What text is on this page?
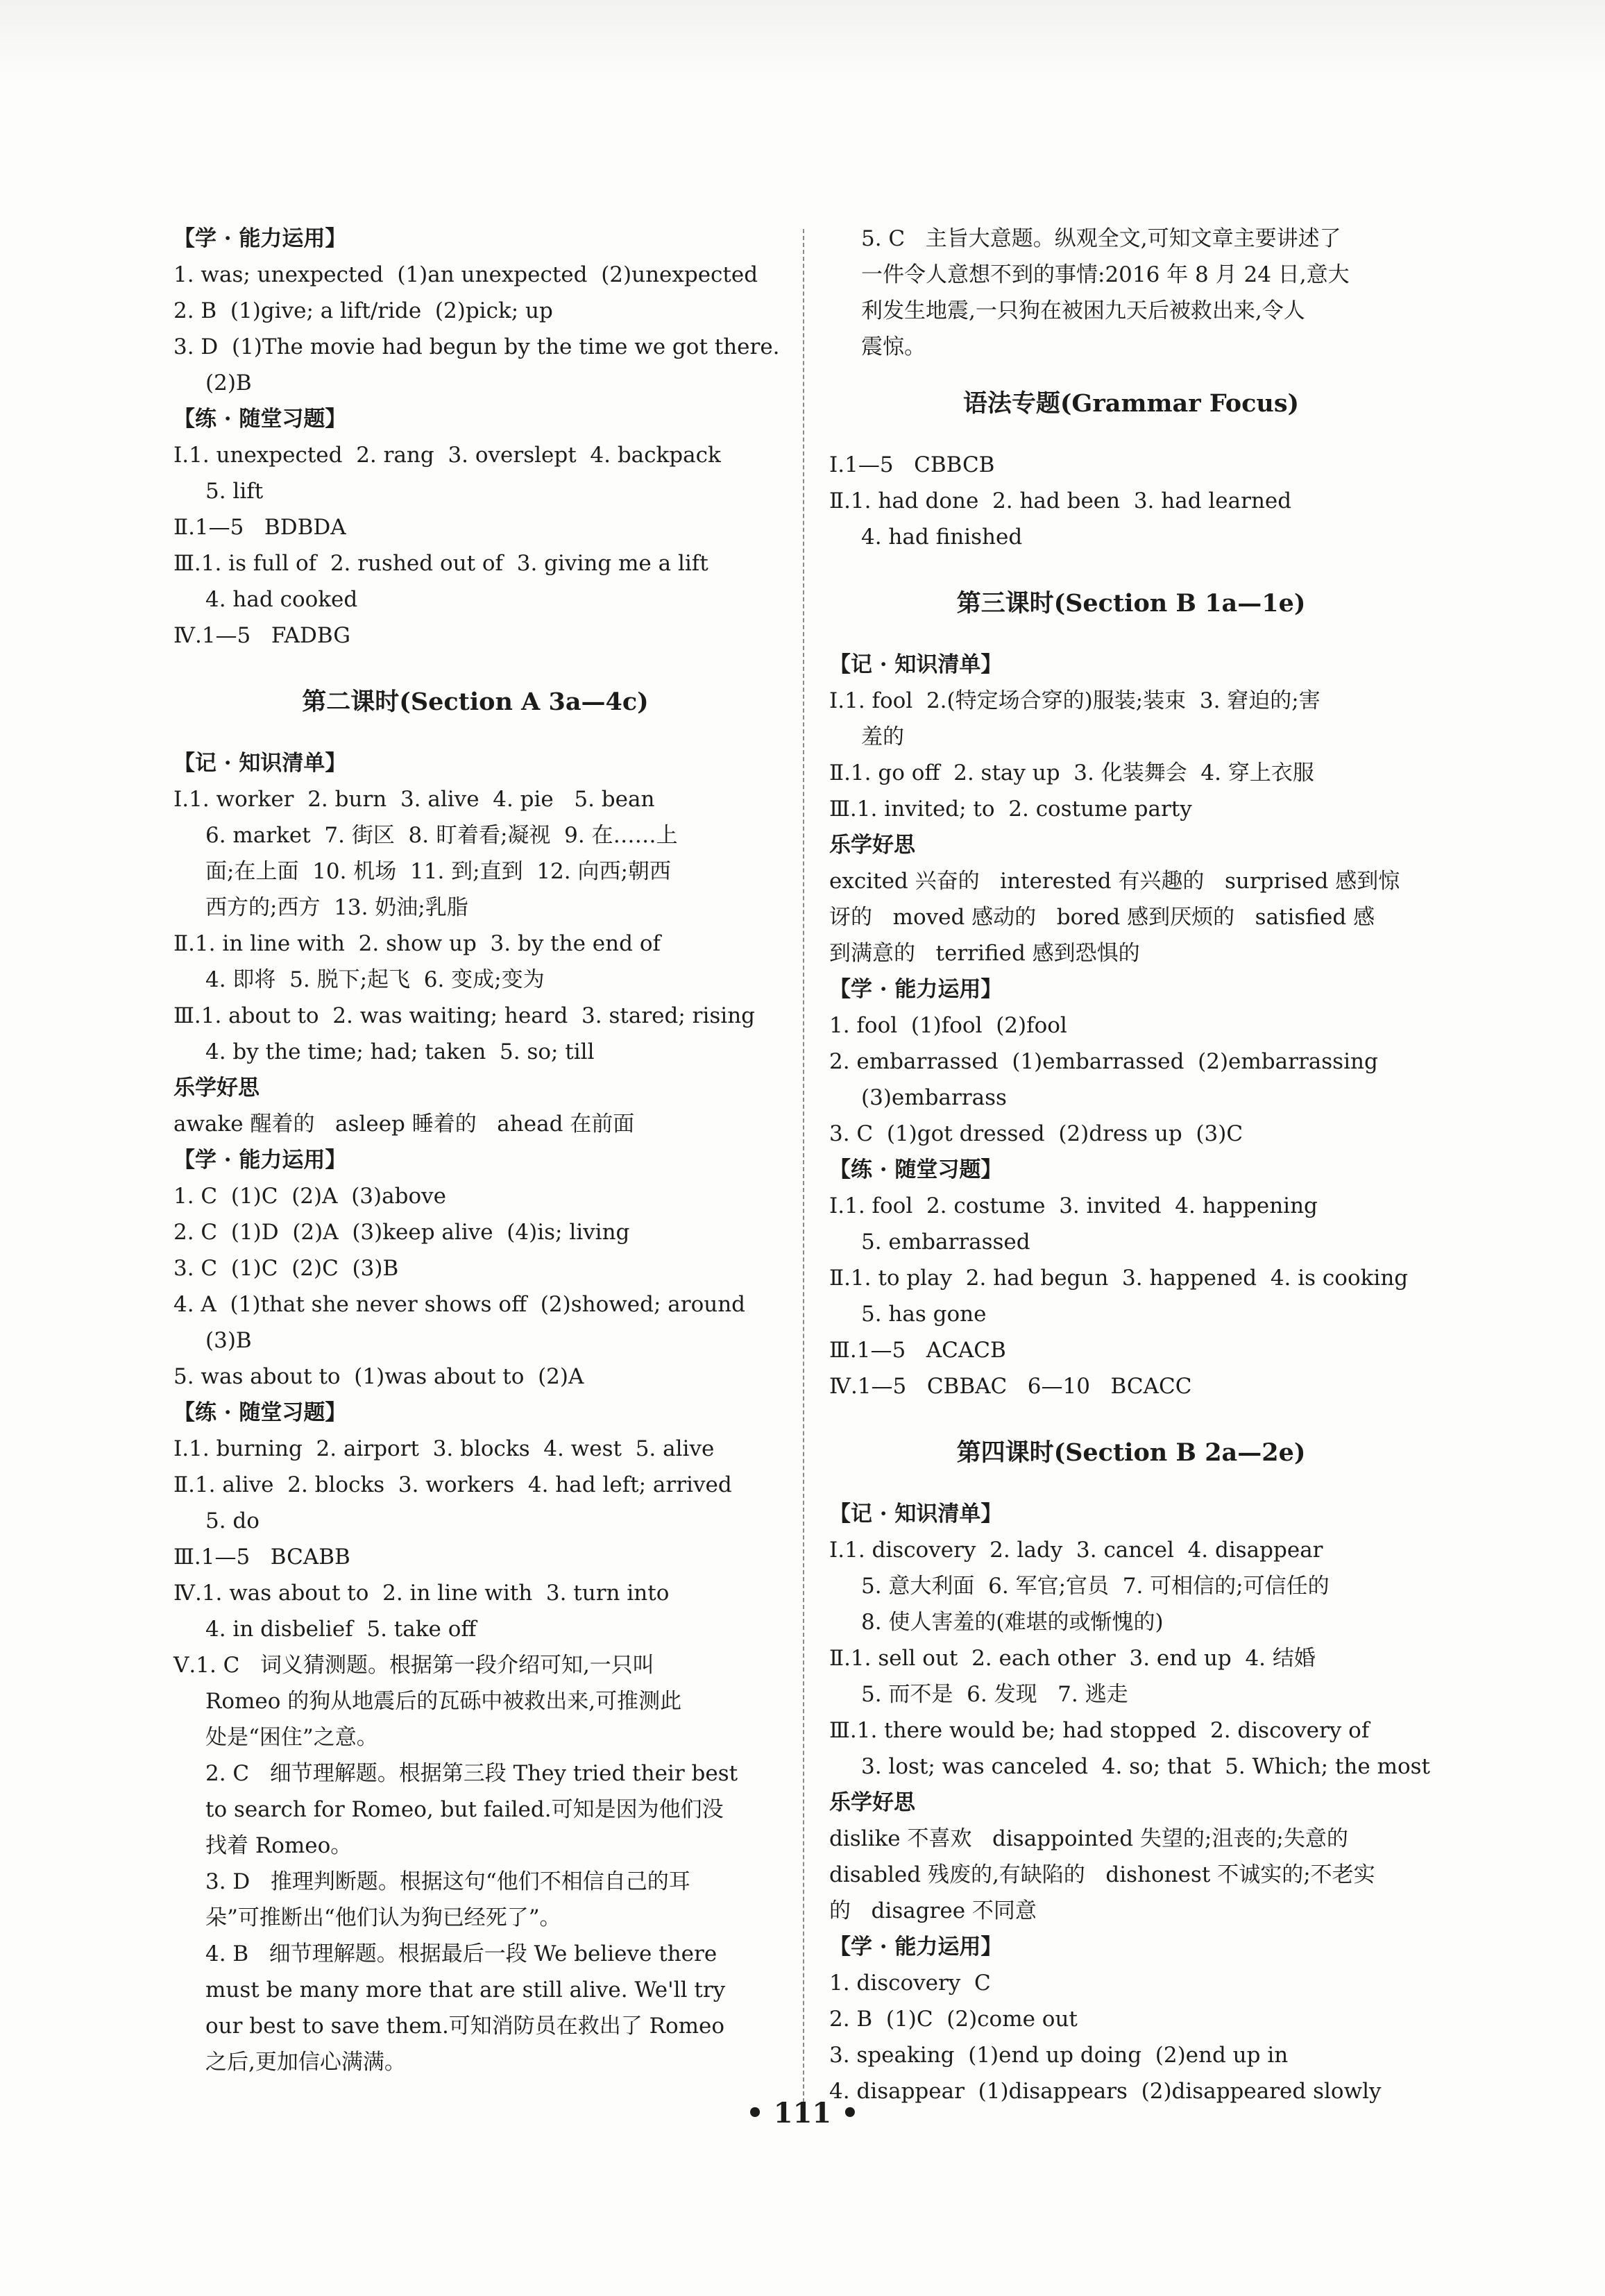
【学 · 能力运用】
1. was; unexpected  (1)an unexpected  (2)unexpected
2. B  (1)give; a lift/ride  (2)pick; up
3. D  (1)The movie had begun by the time we got there.
(2)B
【练 · 随堂习题】
Ⅰ.1. unexpected  2. rang  3. overslept  4. backpack
5. lift
Ⅱ.1—5   BDBDA
Ⅲ.1. is full of  2. rushed out of  3. giving me a lift
4. had cooked
Ⅳ.1—5   FADBG
第二课时(Section A 3a—4c)
【记 · 知识清单】
Ⅰ.1. worker  2. burn  3. alive  4. pie   5. bean
6. market  7. 街区  8. 盯着看;凝视  9. 在……上
面;在上面  10. 机场  11. 到;直到  12. 向西;朝西
西方的;西方  13. 奶油;乳脂
Ⅱ.1. in line with  2. show up  3. by the end of
4. 即将  5. 脱下;起飞  6. 变成;变为
Ⅲ.1. about to  2. was waiting; heard  3. stared; rising
4. by the time; had; taken  5. so; till
乐学好思
awake 醒着的   asleep 睡着的   ahead 在前面
【学 · 能力运用】
1. C  (1)C  (2)A  (3)above
2. C  (1)D  (2)A  (3)keep alive  (4)is; living
3. C  (1)C  (2)C  (3)B
4. A  (1)that she never shows off  (2)showed; around
(3)B
5. was about to  (1)was about to  (2)A
【练 · 随堂习题】
Ⅰ.1. burning  2. airport  3. blocks  4. west  5. alive
Ⅱ.1. alive  2. blocks  3. workers  4. had left; arrived
5. do
Ⅲ.1—5   BCABB
Ⅳ.1. was about to  2. in line with  3. turn into
4. in disbelief  5. take off
Ⅴ.1. C   词义猜测题。根据第一段介绍可知,一只叫
Romeo 的狗从地震后的瓦砾中被救出来,可推测此
处是“困住”之意。
2. C   细节理解题。根据第三段 They tried their best
to search for Romeo, but failed.可知是因为他们没
找着 Romeo。
3. D   推理判断题。根据这句“他们不相信自己的耳
朵”可推断出“他们认为狗已经死了”。
4. B   细节理解题。根据最后一段 We believe there
must be many more that are still alive. We'll try
our best to save them.可知消防员在救出了 Romeo
之后,更加信心满满。
5. C   主旨大意题。纵观全文,可知文章主要讲述了
一件令人意想不到的事情:2016 年 8 月 24 日,意大
利发生地震,一只狗在被困九天后被救出来,令人
震惊。
语法专题(Grammar Focus)
Ⅰ.1—5   CBBCB
Ⅱ.1. had done  2. had been  3. had learned
4. had finished
第三课时(Section B 1a—1e)
【记 · 知识清单】
Ⅰ.1. fool  2.(特定场合穿的)服装;装束  3. 窘迫的;害
羞的
Ⅱ.1. go off  2. stay up  3. 化装舞会  4. 穿上衣服
Ⅲ.1. invited; to  2. costume party
乐学好思
excited 兴奋的   interested 有兴趣的   surprised 感到惊
讶的   moved 感动的   bored 感到厌烦的   satisfied 感
到满意的   terrified 感到恐惧的
【学 · 能力运用】
1. fool  (1)fool  (2)fool
2. embarrassed  (1)embarrassed  (2)embarrassing
(3)embarrass
3. C  (1)got dressed  (2)dress up  (3)C
【练 · 随堂习题】
Ⅰ.1. fool  2. costume  3. invited  4. happening
5. embarrassed
Ⅱ.1. to play  2. had begun  3. happened  4. is cooking
5. has gone
Ⅲ.1—5   ACACB
Ⅳ.1—5   CBBAC   6—10   BCACC
第四课时(Section B 2a—2e)
【记 · 知识清单】
Ⅰ.1. discovery  2. lady  3. cancel  4. disappear
5. 意大利面  6. 军官;官员  7. 可相信的;可信任的
8. 使人害羞的(难堪的或惭愧的)
Ⅱ.1. sell out  2. each other  3. end up  4. 结婚
5. 而不是  6. 发现   7. 逃走
Ⅲ.1. there would be; had stopped  2. discovery of
3. lost; was canceled  4. so; that  5. Which; the most
乐学好思
dislike 不喜欢   disappointed 失望的;沮丧的;失意的
disabled 残废的,有缺陷的   dishonest 不诚实的;不老实
的   disagree 不同意
【学 · 能力运用】
1. discovery  C
2. B  (1)C  (2)come out
3. speaking  (1)end up doing  (2)end up in
4. disappear  (1)disappears  (2)disappeared slowly
• 111 •
